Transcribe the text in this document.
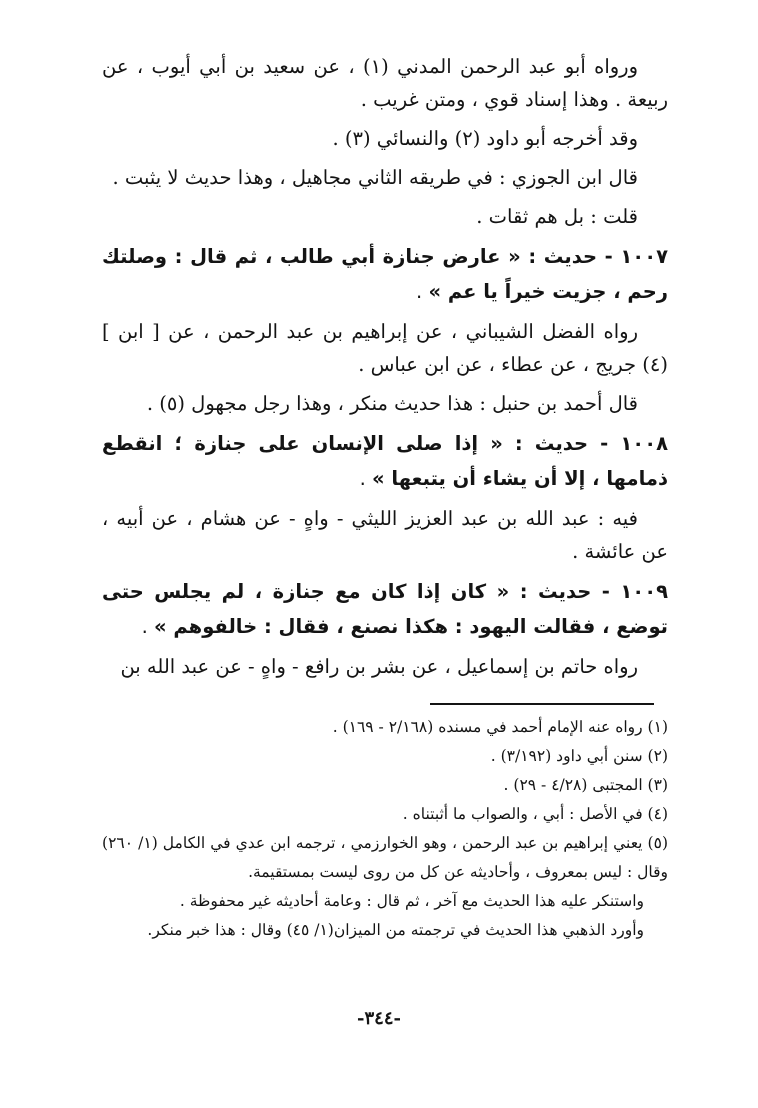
ورواه أبو عبد الرحمن المدني (١) ، عن سعيد بن أبي أيوب ، عن ربيعة . وهذا إسناد قوي ، ومتن غريب .

وقد أخرجه أبو داود (٢) والنسائي (٣) .

قال ابن الجوزي : في طريقه الثاني مجاهيل ، وهذا حديث لا يثبت .

قلت : بل هم ثقات .

١٠٠٧ - حديث : « عارض جنازة أبي طالب ، ثم قال : وصلتك رحم ، جزيت خيراً يا عم » .

رواه الفضل الشيباني ، عن إبراهيم بن عبد الرحمن ، عن [ ابن ] (٤) جريج ، عن عطاء ، عن ابن عباس .

قال أحمد بن حنبل : هذا حديث منكر ، وهذا رجل مجهول (٥) .

١٠٠٨ - حديث : « إذا صلى الإنسان على جنازة ؛ انقطع ذمامها ، إلا أن يشاء أن يتبعها » .

فيه : عبد الله بن عبد العزيز الليثي - واهٍ - عن هشام ، عن أبيه ، عن عائشة .

١٠٠٩ - حديث : « كان إذا كان مع جنازة ، لم يجلس حتى توضع ، فقالت اليهود : هكذا نصنع ، فقال : خالفوهم » .

رواه حاتم بن إسماعيل ، عن بشر بن رافع - واهٍ - عن عبد الله بن

(١) رواه عنه الإمام أحمد في مسنده (٢/١٦٨ - ١٦٩) .

(٢) سنن أبي داود (٣/١٩٢) .

(٣) المجتبى (٤/٢٨ - ٢٩) .

(٤) في الأصل : أبي ، والصواب ما أثبتناه .

(٥) يعني إبراهيم بن عبد الرحمن ، وهو الخوارزمي ، ترجمه ابن عدي في الكامل (١/ ٢٦٠) وقال : ليس بمعروف ، وأحاديثه عن كل من روى ليست بمستقيمة.

واستنكر عليه هذا الحديث مع آخر ، ثم قال : وعامة أحاديثه غير محفوظة .

وأورد الذهبي هذا الحديث في ترجمته من الميزان(١/ ٤٥) وقال : هذا خبر منكر.

-٣٤٤-
